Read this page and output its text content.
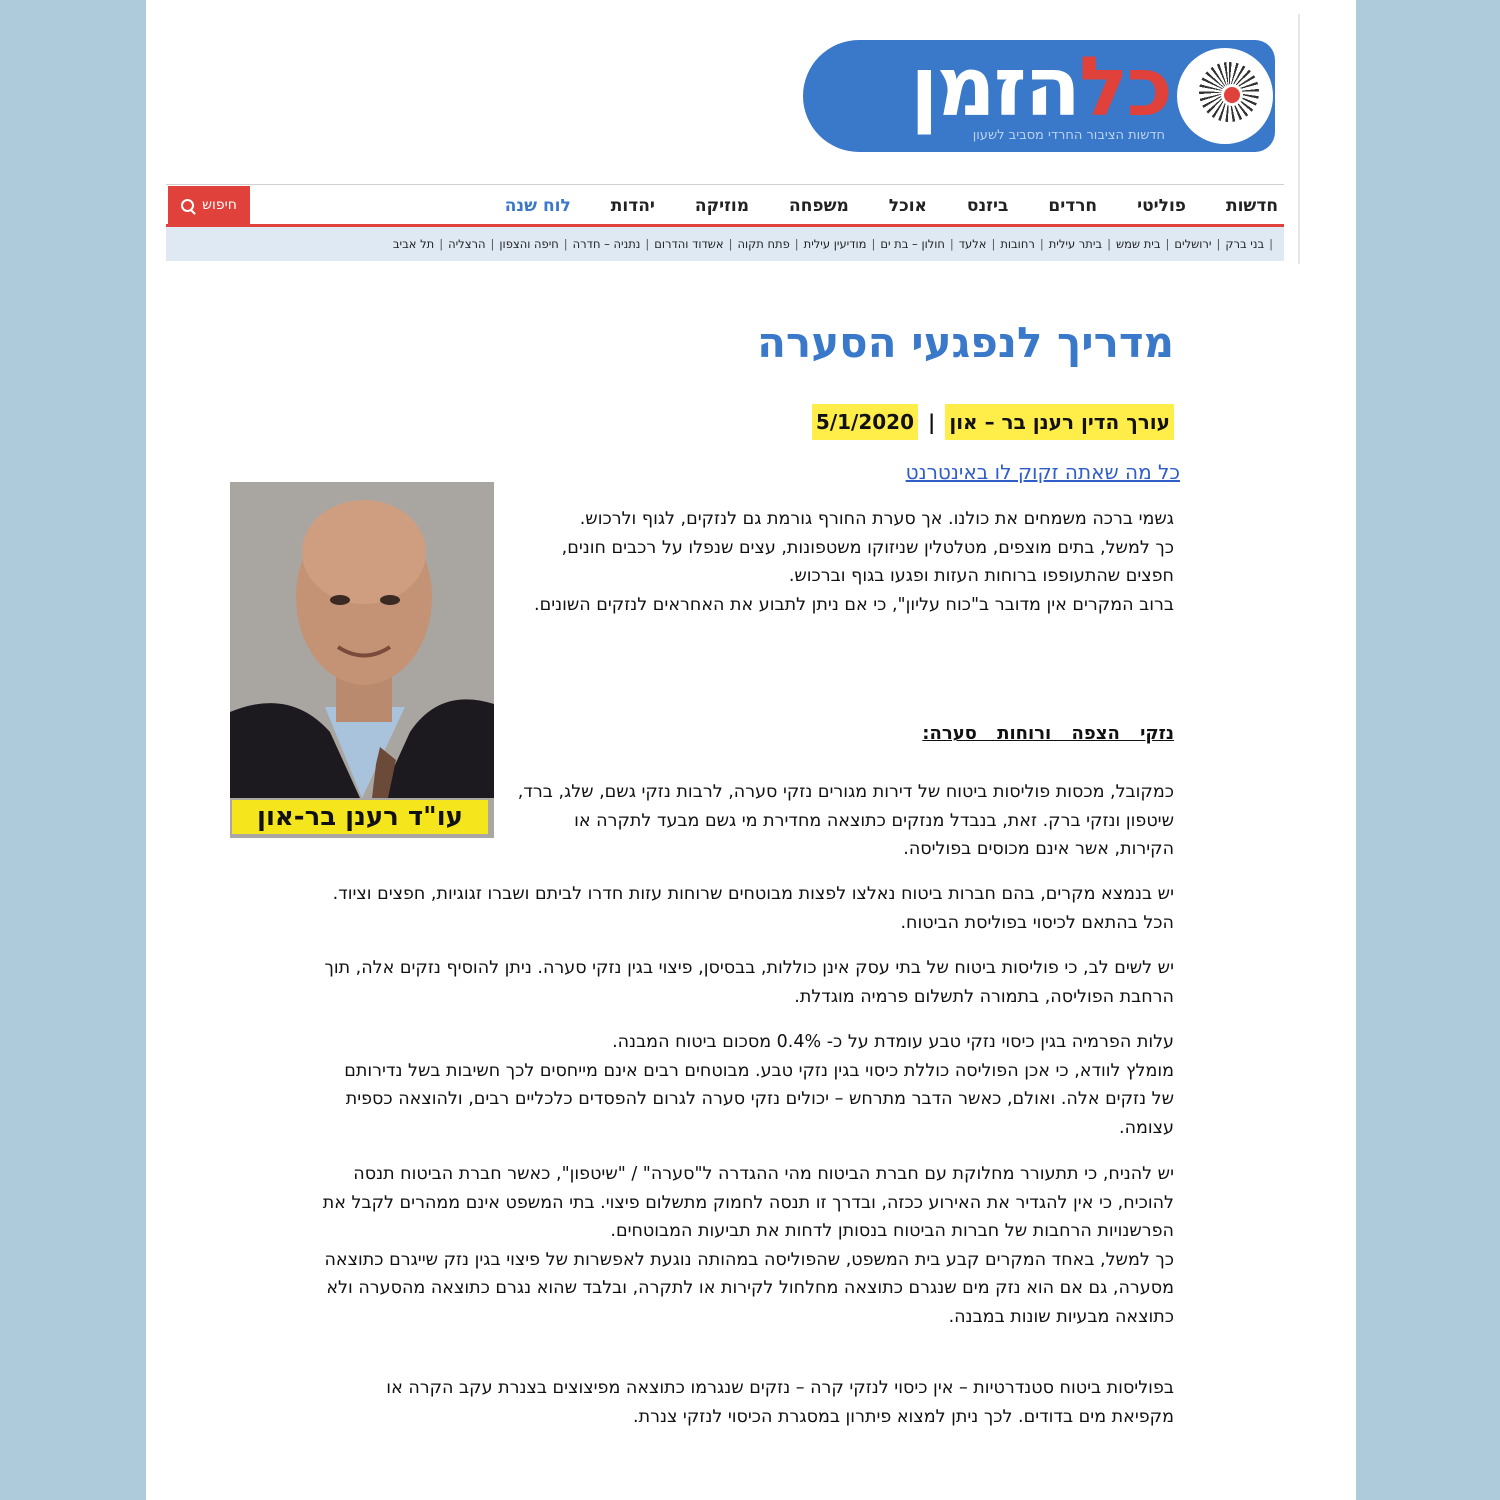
כלהזמן
חדשות הציבור החרדי מסביב לשעון
חדשות
פוליטי
חרדים
ביזנס
אוכל
משפחה
מוזיקה
יהדות
לוח שנה
חיפוש
|
בני ברק
|
ירושלים
|
בית שמש
|
ביתר עילית
|
רחובות
|
אלעד
|
חולון – בת ים
|
מודיעין עילית
|
פתח תקוה
|
אשדוד והדרום
|
נתניה – חדרה
|
חיפה והצפון
|
הרצליה
|
תל אביב
מדריך לנפגעי הסערה
עורך הדין רענן בר – און|5/1/2020
כל מה שאתה זקוק לו באינטרנט
עו"ד רענן בר-און

גשמי ברכה משמחים את כולנו. אך סערת החורף גורמת גם לנזקים, לגוף ולרכוש.

כך למשל, בתים מוצפים, מטלטלין שניזוקו משטפונות, עצים שנפלו על רכבים חונים, חפצים שהתעופפו ברוחות העזות ופגעו בגוף וברכוש.

ברוב המקרים אין מדובר ב"כוח עליון", כי אם ניתן לתבוע את האחראים לנזקים השונים.

נזקי הצפה ורוחות סערה:
כמקובל, מכסות פוליסות ביטוח של דירות מגורים נזקי סערה, לרבות נזקי גשם, שלג, ברד, שיטפון ונזקי ברק. זאת, בנבדל מנזקים כתוצאה מחדירת מי גשם מבעד לתקרה או הקירות, אשר אינם מכוסים בפוליסה.
יש בנמצא מקרים, בהם חברות ביטוח נאלצו לפצות מבוטחים שרוחות עזות חדרו לביתם ושברו זגוגיות, חפצים וציוד. הכל בהתאם לכיסוי בפוליסת הביטוח.
יש לשים לב, כי פוליסות ביטוח של בתי עסק אינן כוללות, בבסיסן, פיצוי בגין נזקי סערה. ניתן להוסיף נזקים אלה, תוך הרחבת הפוליסה, בתמורה לתשלום פרמיה מוגדלת.

עלות הפרמיה בגין כיסוי נזקי טבע עומדת על כ- 0.4% מסכום ביטוח המבנה.

מומלץ לוודא, כי אכן הפוליסה כוללת כיסוי בגין נזקי טבע. מבוטחים רבים אינם מייחסים לכך חשיבות בשל נדירותם של נזקים אלה. ואולם, כאשר הדבר מתרחש – יכולים נזקי סערה לגרום להפסדים כלכליים רבים, ולהוצאה כספית עצומה.

יש להניח, כי תתעורר מחלוקת עם חברת הביטוח מהי ההגדרה ל"סערה" / "שיטפון", כאשר חברת הביטוח תנסה להוכיח, כי אין להגדיר את האירוע ככזה, ובדרך זו תנסה לחמוק מתשלום פיצוי. בתי המשפט אינם ממהרים לקבל את הפרשנויות הרחבות של חברות הביטוח בנסותן לדחות את תביעות המבוטחים.

כך למשל, באחד המקרים קבע בית המשפט, שהפוליסה במהותה נוגעת לאפשרות של פיצוי בגין נזק שייגרם כתוצאה מסערה, גם אם הוא נזק מים שנגרם כתוצאה מחלחול לקירות או לתקרה, ובלבד שהוא נגרם כתוצאה מהסערה ולא כתוצאה מבעיות שונות במבנה.

בפוליסות ביטוח סטנדרטיות – אין כיסוי לנזקי קרה – נזקים שנגרמו כתוצאה מפיצוצים בצנרת עקב הקרה או מקפיאת מים בדודים. לכך ניתן למצוא פיתרון במסגרת הכיסוי לנזקי צנרת.
